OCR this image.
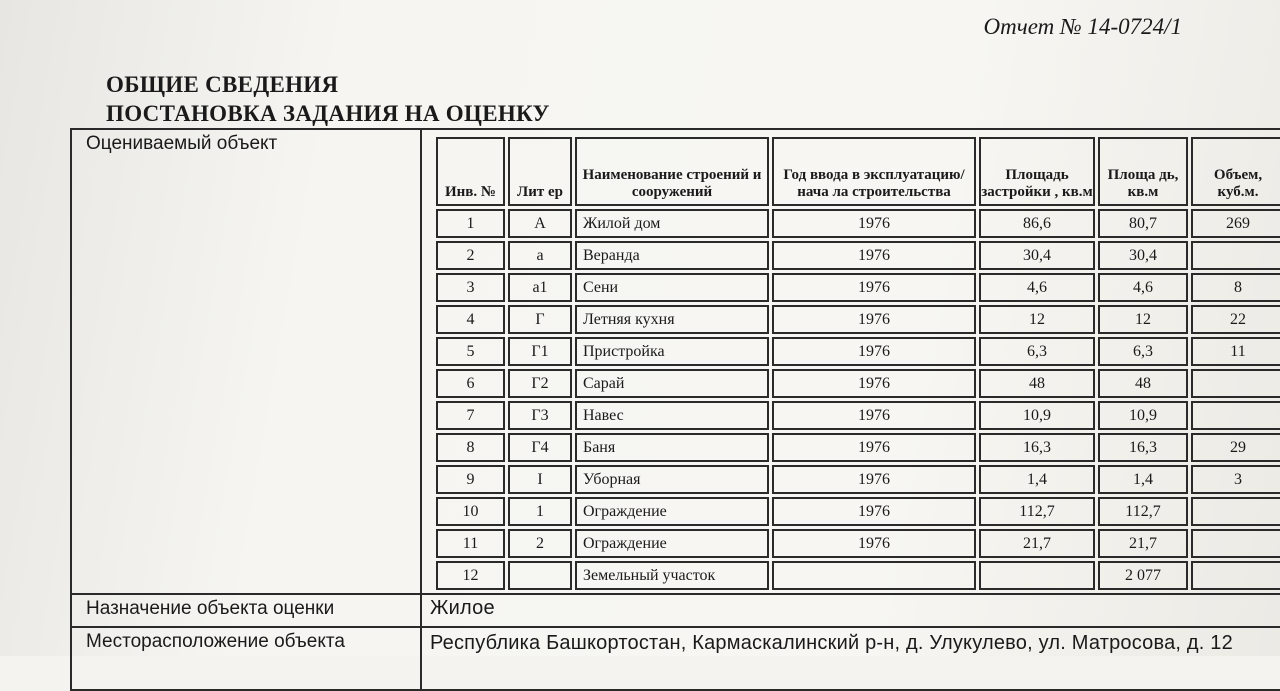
Отчет № 14-0724/1
ОБЩИЕ СВЕДЕНИЯ
ПОСТАНОВКА ЗАДАНИЯ НА ОЦЕНКУ
Оцениваемый объект	
Инв. №	Лит ер	Наименование строений и сооружений	Год ввода в эксплуатацию/нача ла строительства	Площадь застройки , кв.м	Площа дь, кв.м	Объем, куб.м.
1	А	Жилой дом	1976	86,6	80,7	269
2	а	Веранда	1976	30,4	30,4	
3	а1	Сени	1976	4,6	4,6	8
4	Г	Летняя кухня	1976	12	12	22
5	Г1	Пристройка	1976	6,3	6,3	11
6	Г2	Сарай	1976	48	48	
7	Г3	Навес	1976	10,9	10,9	
8	Г4	Баня	1976	16,3	16,3	29
9	I	Уборная	1976	1,4	1,4	3
10	1	Ограждение	1976	112,7	112,7	
11	2	Ограждение	1976	21,7	21,7	
12		Земельный участок			2 077	

Назначение объекта оценки	Жилое
Месторасположение объекта	Республика Башкортостан, Кармаскалинский р-н, д. Улукулево, ул. Матросова, д. 12
